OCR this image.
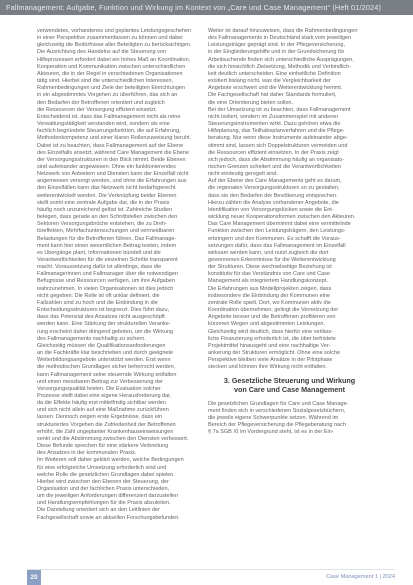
Fallmanagement: Aufgabe, Funktion und Wirkung im Kontext von „Care und Case Management“ (Heft 01/2024)
verwendetes, vorhandenes und geplantes Leistungsgeschehen
in einer Perspektive zusammenfassen zu können und dabei
gleichzeitig die Bedürfnisse aller Beteiligten zu berücksichtigen.
Die Ausrichtung des Handelns auf die Steuerung von
Hilfeprozessen erfordert dabei ein hohes Maß an Koordination,
Kooperation und Kommunikation zwischen unterschiedlichen
Akteuren, die in der Regel in verschiedenen Organisationen
tätig sind. Hierbei sind die unterschiedlichen Interessen,
Rahmenbedingungen und Ziele der beteiligten Einrichtungen
in ein abgestimmtes Vorgehen zu überführen, das sich an
den Bedarfen der Betroffenen orientiert und zugleich
die Ressourcen der Versorgung effizient einsetzt.
Entscheidend ist, dass das Fallmanagement nicht als reine
Verwaltungstätigkeit verstanden wird, sondern als eine
fachlich begründete Steuerungsfunktion, die auf Erfahrung,
Methodenkompetenz und einer klaren Rollenzuweisung beruht.
Dabei ist zu beachten, dass Fallmanagement auf der Ebene
des Einzelfalls ansetzt, während Care Management die Ebene
der Versorgungsstrukturen in den Blick nimmt. Beide Ebenen
sind aufeinander angewiesen: Ohne ein funktionierendes
Netzwerk von Anbietern und Diensten kann der Einzelfall nicht
angemessen versorgt werden, und ohne die Erfahrungen aus
den Einzelfällen kann das Netzwerk nicht bedarfsgerecht
weiterentwickelt werden. Die Verknüpfung beider Ebenen
stellt somit eine zentrale Aufgabe dar, die in der Praxis
häufig noch unzureichend gelöst ist. Zahlreiche Studien
belegen, dass gerade an den Schnittstellen zwischen den
Sektoren Versorgungsbrüche entstehen, die zu Dreh-
türeffekten, Mehrfachuntersuchungen und vermeidbaren
Belastungen für die Betroffenen führen. Das Fallmanage-
ment kann hier einen wesentlichen Beitrag leisten, indem
es Übergänge plant, Informationen bündelt und die
Verantwortlichkeiten für die einzelnen Schritte transparent
macht. Voraussetzung dafür ist allerdings, dass die
Fallmanagerinnen und Fallmanager über die notwendigen
Befugnisse und Ressourcen verfügen, um ihre Aufgaben
wahrzunehmen. In vielen Organisationen ist dies jedoch
nicht gegeben: Die Rolle ist oft unklar definiert, die
Fallzahlen sind zu hoch und die Einbindung in die
Entscheidungsstrukturen ist begrenzt. Dies führt dazu,
dass das Potenzial des Ansatzes nicht ausgeschöpft
werden kann. Eine Stärkung der strukturellen Veranke-
rung erscheint daher dringend geboten, um die Wirkung
des Fallmanagements nachhaltig zu sichern.
Gleichzeitig müssen die Qualifikationsanforderungen
an die Fachkräfte klar beschrieben und durch geeignete
Weiterbildungsangebote unterstützt werden. Erst wenn
die methodischen Grundlagen sicher beherrscht werden,
kann Fallmanagement seine steuernde Wirkung entfalten
und einen messbaren Beitrag zur Verbesserung der
Versorgungsqualität leisten. Die Evaluation solcher
Prozesse stellt dabei eine eigene Herausforderung dar,
da die Effekte häufig erst mittelfristig sichtbar werden
und sich nicht allein auf eine Maßnahme zurückführen
lassen. Dennoch zeigen erste Ergebnisse, dass ein
strukturiertes Vorgehen die Zufriedenheit der Betroffenen
erhöht, die Zahl ungeplanter Krankenhauseinweisungen
senkt und die Abstimmung zwischen den Diensten verbessert.
Diese Befunde sprechen für eine stärkere Verbreitung
des Ansatzes in der kommunalen Praxis.
Im Weiteren soll daher geklärt werden, welche Bedingungen
für eine erfolgreiche Umsetzung erforderlich sind und
welche Rolle die gesetzlichen Grundlagen dabei spielen.
Hierbei wird zwischen den Ebenen der Steuerung, der
Organisation und der fachlichen Praxis unterschieden,
um die jeweiligen Anforderungen differenziert darzustellen
und Handlungsempfehlungen für die Praxis abzuleiten.
Die Darstellung orientiert sich an den Leitlinien der
Fachgesellschaft sowie an aktuellen Forschungsbefunden.
Weiter ist darauf hinzuweisen, dass die Rahmenbedingungen
des Fallmanagements in Deutschland stark vom jeweiligen
Leistungsträger geprägt sind. In der Pflegeversicherung,
in der Eingliederungshilfe und in der Grundsicherung für
Arbeitsuchende finden sich unterschiedliche Ausprägungen,
die sich hinsichtlich Zielsetzung, Methodik und Verbindlich-
keit deutlich unterscheiden. Eine einheitliche Definition
existiert bislang nicht, was die Vergleichbarkeit der
Angebote erschwert und die Weiterentwicklung hemmt.
Die Fachgesellschaft hat daher Standards formuliert,
die eine Orientierung bieten sollen.
Bei der Umsetzung ist zu beachten, dass Fallmanagement
nicht isoliert, sondern im Zusammenspiel mit anderen
Steuerungsinstrumenten wirkt. Dazu gehören etwa die
Hilfeplanung, das Teilhabeplanverfahren und die Pflege-
beratung. Nur wenn diese Instrumente aufeinander abge-
stimmt sind, lassen sich Doppelstrukturen vermeiden und
die Ressourcen effizient einsetzen. In der Praxis zeigt
sich jedoch, dass die Abstimmung häufig an organisato-
rischen Grenzen scheitert und die Verantwortlichkeiten
nicht eindeutig geregelt sind.
Auf der Ebene des Care Managements geht es darum,
die regionalen Versorgungsstrukturen so zu gestalten,
dass sie den Bedarfen der Bevölkerung entsprechen.
Hierzu zählen die Analyse vorhandener Angebote, die
Identifikation von Versorgungslücken sowie die Ent-
wicklung neuer Kooperationsformen zwischen den Akteuren.
Das Care Management übernimmt dabei eine vermittelnde
Funktion zwischen den Leistungsträgern, den Leistungs-
erbringern und den Kommunen. Es schafft die Voraus-
setzungen dafür, dass das Fallmanagement im Einzelfall
wirksam werden kann, und nutzt zugleich die dort
gewonnenen Erkenntnisse für die Weiterentwicklung
der Strukturen. Diese wechselseitige Beziehung ist
konstitutiv für das Verständnis von Care und Case
Management als integriertem Handlungskonzept.
Die Erfahrungen aus Modellprojekten zeigen, dass
insbesondere die Einbindung der Kommunen eine
zentrale Rolle spielt. Dort, wo Kommunen aktiv die
Koordination übernehmen, gelingt die Vernetzung der
Angebote besser und die Betroffenen profitieren von
kürzeren Wegen und abgestimmten Leistungen.
Gleichzeitig wird deutlich, dass hierfür eine verläss-
liche Finanzierung erforderlich ist, die über befristete
Projektmittel hinausgeht und eine nachhaltige Ver-
ankerung der Strukturen ermöglicht. Ohne eine solche
Perspektive bleiben viele Ansätze in der Pilotphase
stecken und können ihre Wirkung nicht entfalten.
3. Gesetzliche Steuerung und Wirkung
von Care und Case Management
Die gesetzlichen Grundlagen für Care und Case Manage-
ment finden sich in verschiedenen Sozialgesetzbüchern,
die jeweils eigene Schwerpunkte setzen. Während im
Bereich der Pflegeversicherung die Pflegeberatung nach
§ 7a SGB XI im Vordergrund steht, ist es in der Ein-
20	Case Management 1 | 2024
